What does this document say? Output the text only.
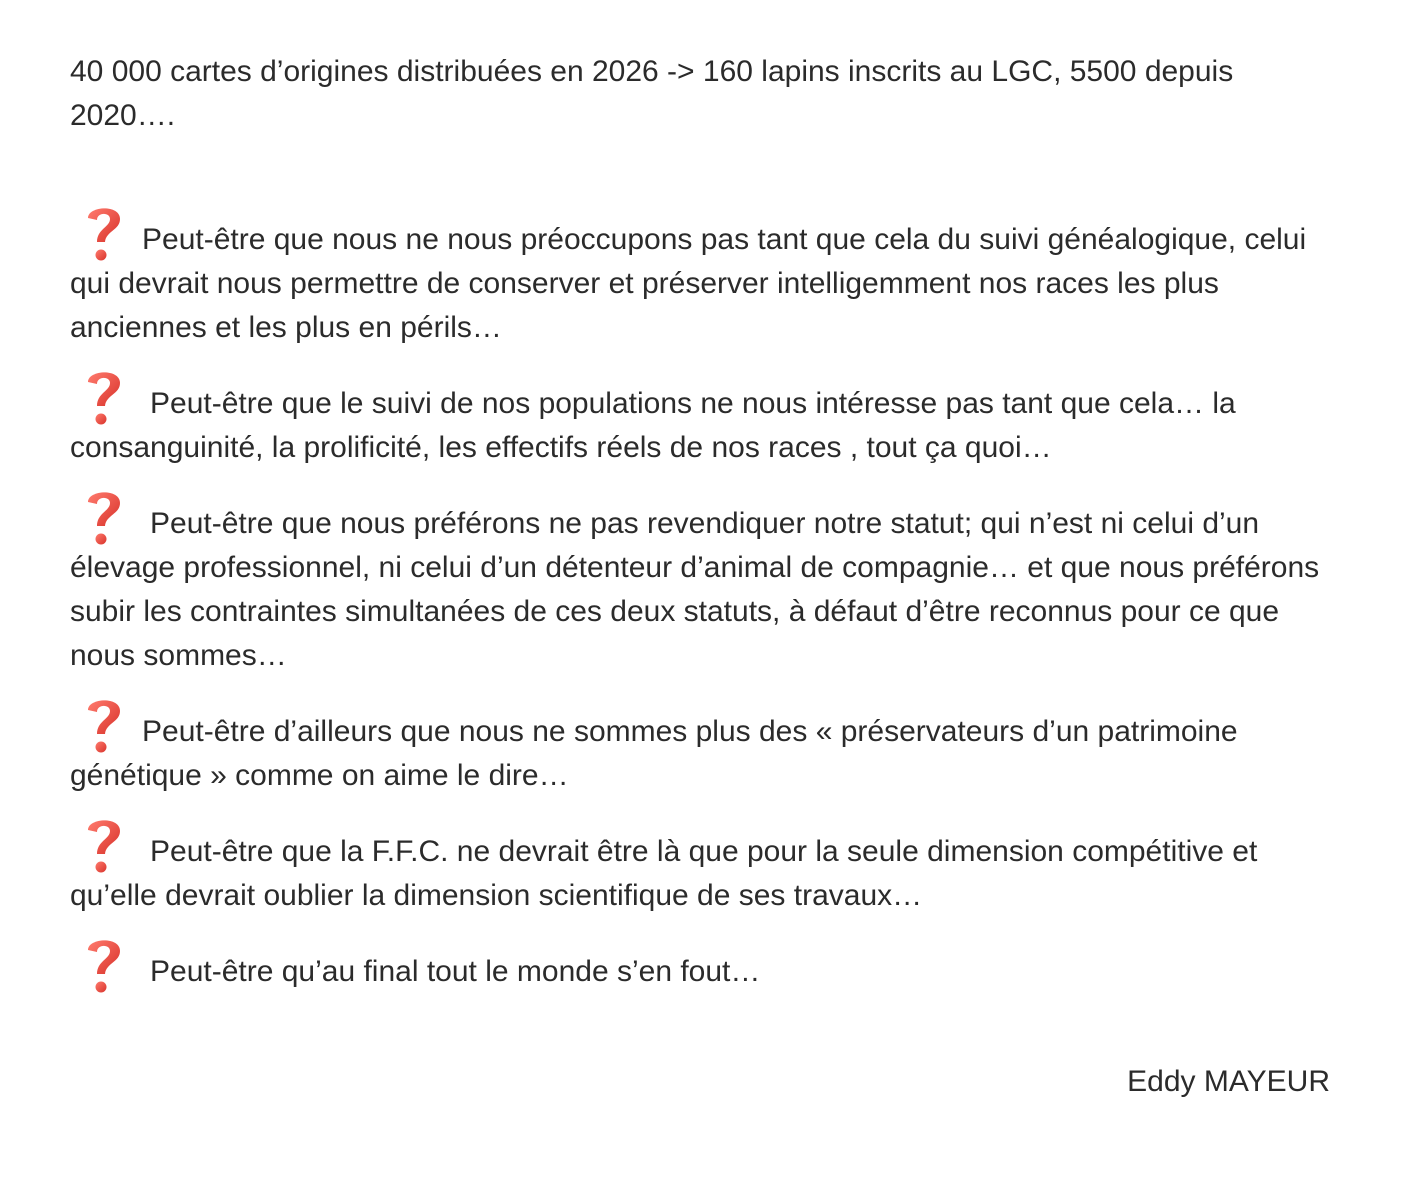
40 000 cartes d’origines distribuées en 2026 -> 160 lapins inscrits au LGC, 5500 depuis 2020….

Peut-être que nous ne nous préoccupons pas tant que cela du suivi généalogique, celui qui devrait nous permettre de conserver et préserver intelligemment nos races les plus anciennes et les plus en périls…

Peut-être que le suivi de nos populations ne nous intéresse pas tant que cela… la consanguinité, la prolificité, les effectifs réels de nos races , tout ça quoi…

Peut-être que nous préférons ne pas revendiquer notre statut; qui n’est ni celui d’un élevage professionnel, ni celui d’un détenteur d’animal de compagnie… et que nous préférons subir les contraintes simultanées de ces deux statuts, à défaut d’être reconnus pour ce que nous sommes…

Peut-être d’ailleurs que nous ne sommes plus des « préservateurs d’un patrimoine génétique » comme on aime le dire…

Peut-être que la F.F.C. ne devrait être là que pour la seule dimension compétitive et qu’elle devrait oublier la dimension scientifique de ses travaux…

Peut-être qu’au final tout le monde s’en fout…

Eddy MAYEUR
